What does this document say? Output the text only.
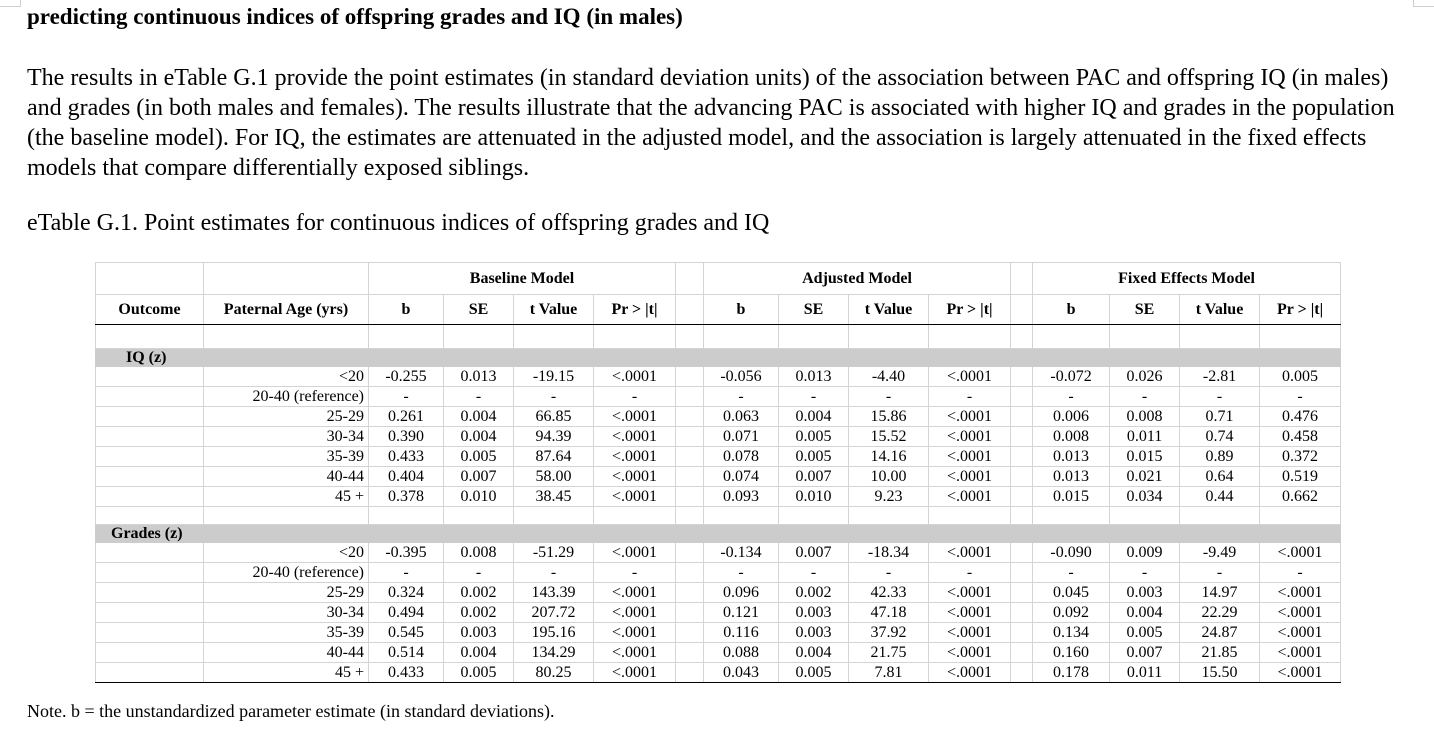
predicting continuous indices of offspring grades and IQ (in males)

The results in eTable G.1 provide the point estimates (in standard deviation units) of the association between PAC and offspring IQ (in males) and grades (in both males and females). The results illustrate that the advancing PAC is associated with higher IQ and grades in the population (the baseline model). For IQ, the estimates are attenuated in the adjusted model, and the association is largely attenuated in the fixed effects models that compare differentially exposed siblings.

eTable G.1. Point estimates for continuous indices of offspring grades and IQ

		Baseline Model					Adjusted Model					Fixed Effects Model			
Outcome	Paternal Age (yrs)	b	SE	t Value	Pr > |t|		b	SE	t Value	Pr > |t|		b	SE	t Value	Pr > |t|

IQ (z)															
	<20	-0.255	0.013	-19.15	<.0001		-0.056	0.013	-4.40	<.0001		-0.072	0.026	-2.81	0.005
	20-40 (reference)	-	-	-	-		-	-	-	-		-	-	-	-
	25-29	0.261	0.004	66.85	<.0001		0.063	0.004	15.86	<.0001		0.006	0.008	0.71	0.476
	30-34	0.390	0.004	94.39	<.0001		0.071	0.005	15.52	<.0001		0.008	0.011	0.74	0.458
	35-39	0.433	0.005	87.64	<.0001		0.078	0.005	14.16	<.0001		0.013	0.015	0.89	0.372
	40-44	0.404	0.007	58.00	<.0001		0.074	0.007	10.00	<.0001		0.013	0.021	0.64	0.519
	45 +	0.378	0.010	38.45	<.0001		0.093	0.010	9.23	<.0001		0.015	0.034	0.44	0.662

Grades (z)															
	<20	-0.395	0.008	-51.29	<.0001		-0.134	0.007	-18.34	<.0001		-0.090	0.009	-9.49	<.0001
	20-40 (reference)	-	-	-	-		-	-	-	-		-	-	-	-
	25-29	0.324	0.002	143.39	<.0001		0.096	0.002	42.33	<.0001		0.045	0.003	14.97	<.0001
	30-34	0.494	0.002	207.72	<.0001		0.121	0.003	47.18	<.0001		0.092	0.004	22.29	<.0001
	35-39	0.545	0.003	195.16	<.0001		0.116	0.003	37.92	<.0001		0.134	0.005	24.87	<.0001
	40-44	0.514	0.004	134.29	<.0001		0.088	0.004	21.75	<.0001		0.160	0.007	21.85	<.0001
	45 +	0.433	0.005	80.25	<.0001		0.043	0.005	7.81	<.0001		0.178	0.011	15.50	<.0001

Note. b = the unstandardized parameter estimate (in standard deviations).
